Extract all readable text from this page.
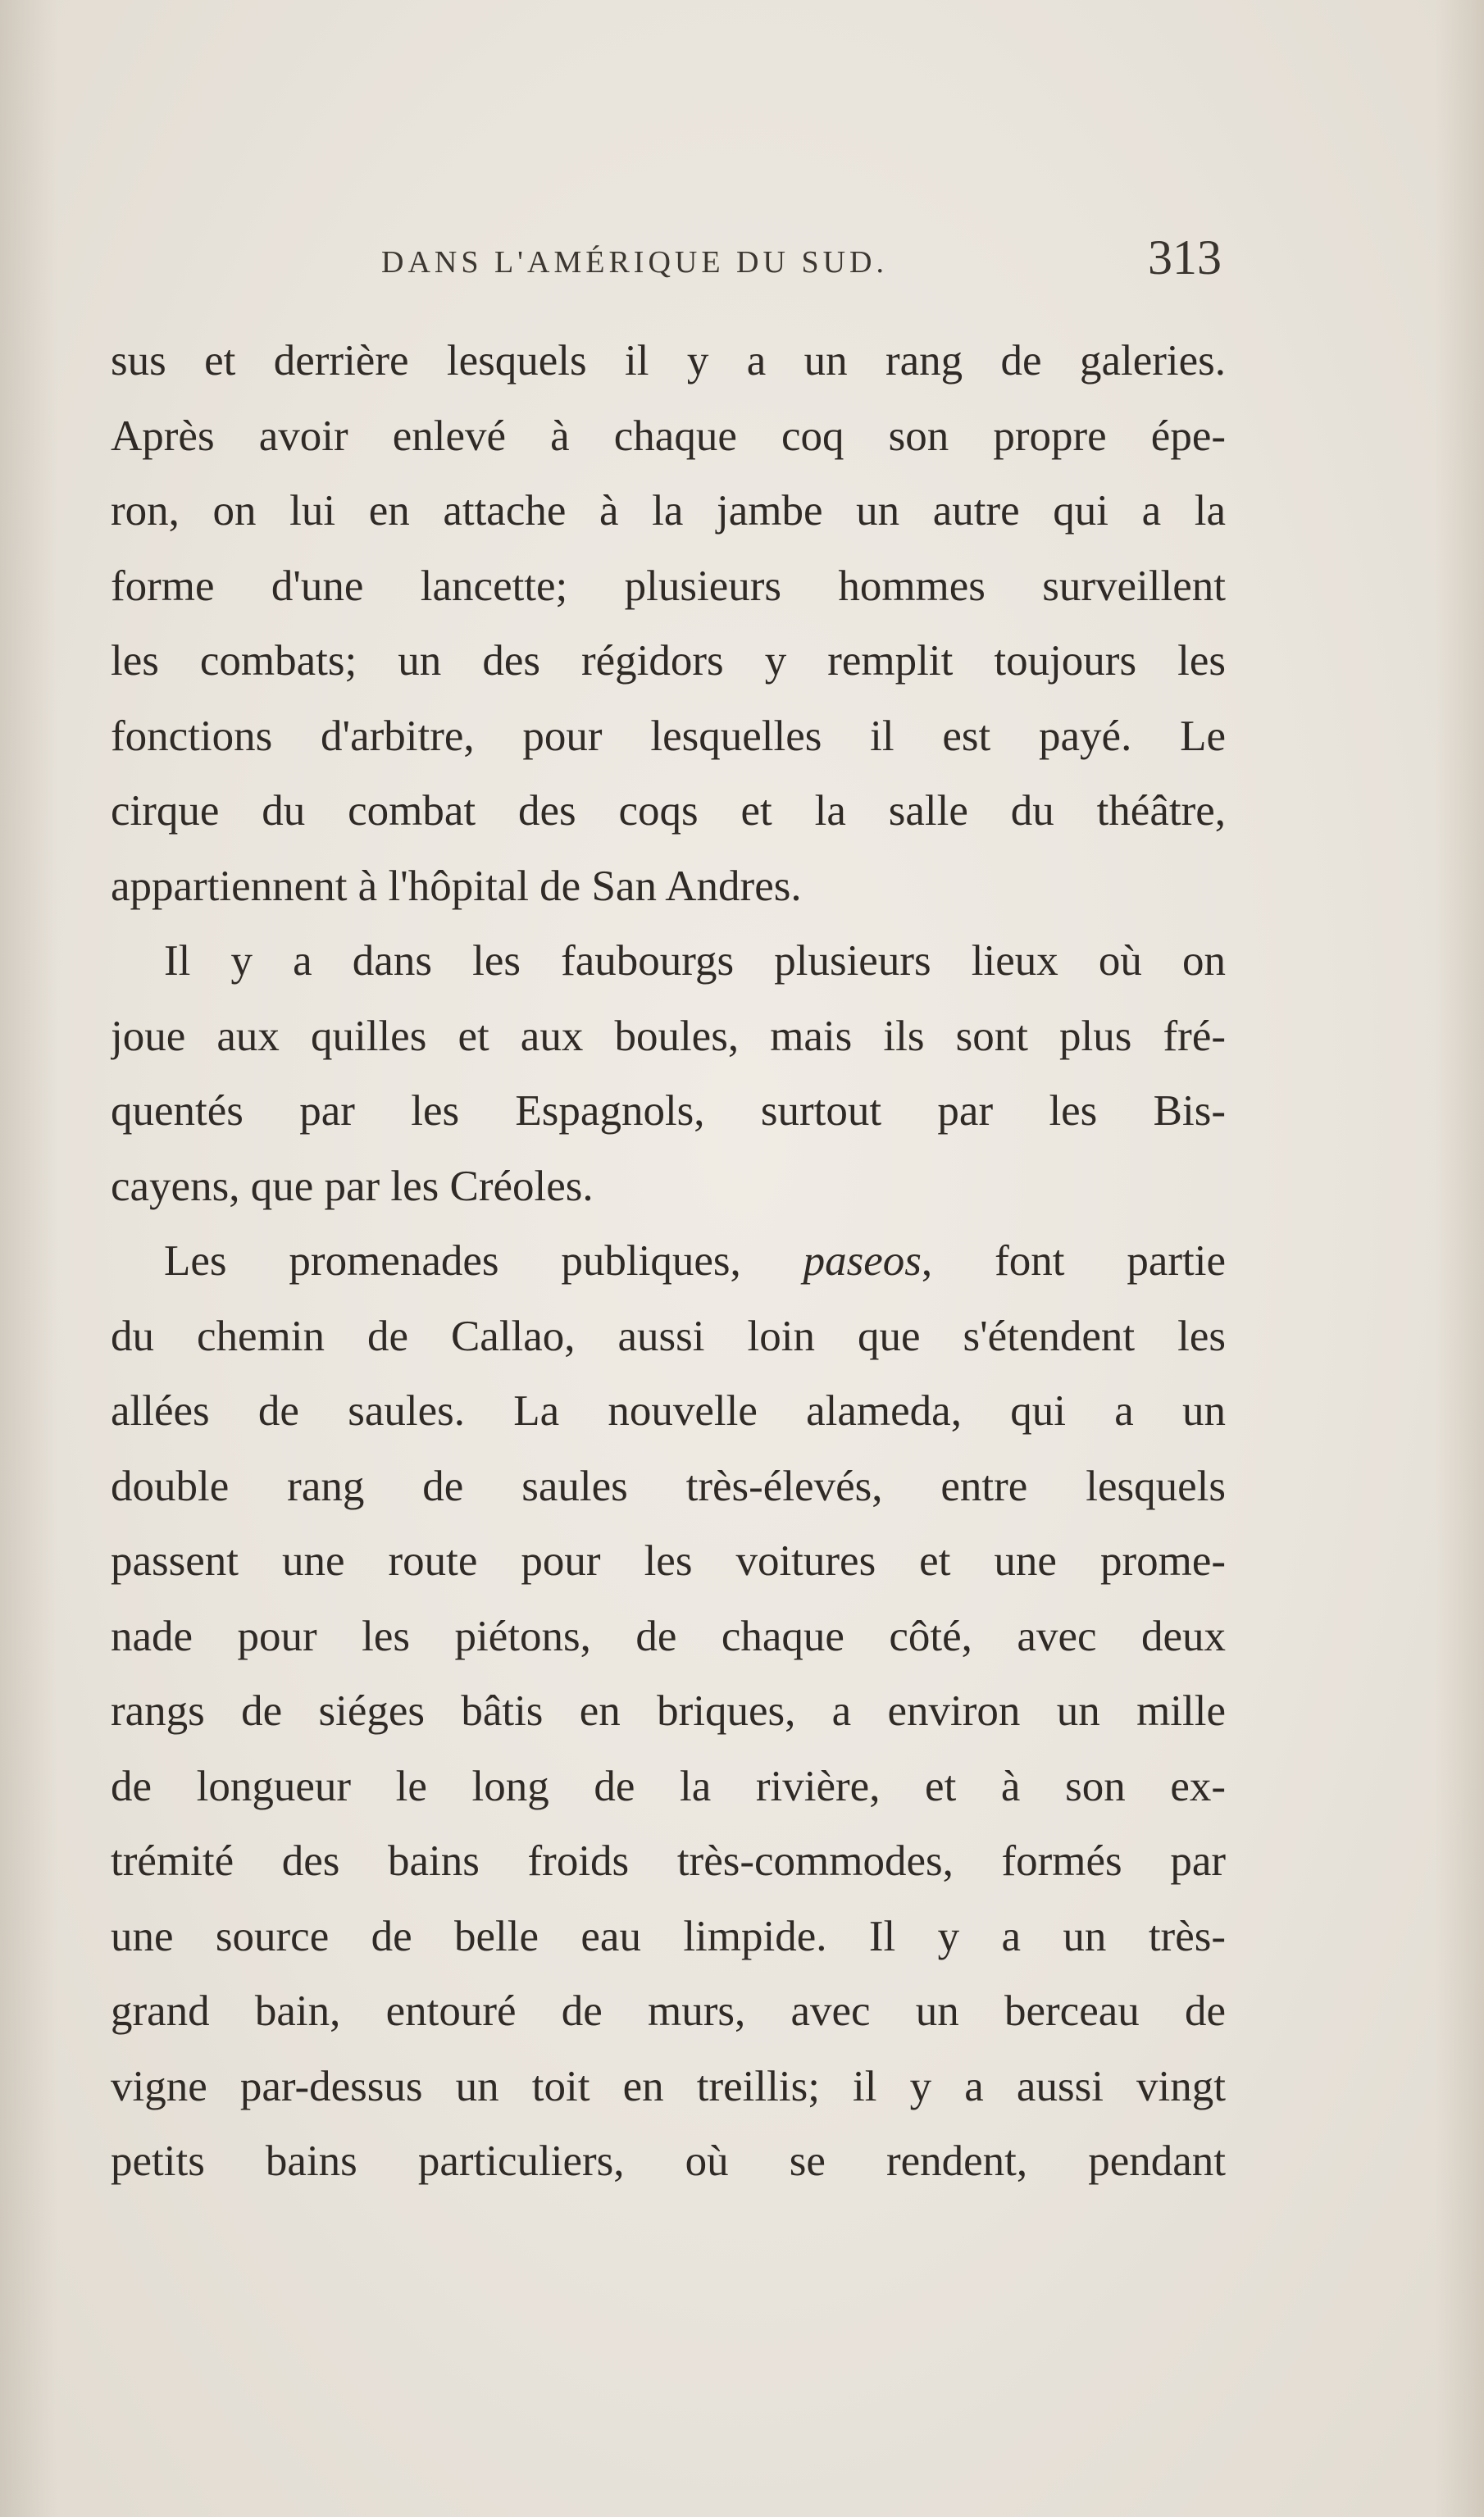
DANS L'AMÉRIQUE DU SUD.	313
sus et derrière lesquels il y a un rang de galeries.
Après avoir enlevé à chaque coq son propre épe-
ron, on lui en attache à la jambe un autre qui a la
forme d'une lancette; plusieurs hommes surveillent
les combats; un des régidors y remplit toujours les
fonctions d'arbitre, pour lesquelles il est payé. Le
cirque du combat des coqs et la salle du théâtre,
appartiennent à l'hôpital de San Andres.
Il y a dans les faubourgs plusieurs lieux où on
joue aux quilles et aux boules, mais ils sont plus fré-
quentés par les Espagnols, surtout par les Bis-
cayens, que par les Créoles.
Les promenades publiques, paseos, font partie
du chemin de Callao, aussi loin que s'étendent les
allées de saules. La nouvelle alameda, qui a un
double rang de saules très-élevés, entre lesquels
passent une route pour les voitures et une prome-
nade pour les piétons, de chaque côté, avec deux
rangs de siéges bâtis en briques, a environ un mille
de longueur le long de la rivière, et à son ex-
trémité des bains froids très-commodes, formés par
une source de belle eau limpide. Il y a un très-
grand bain, entouré de murs, avec un berceau de
vigne par-dessus un toit en treillis; il y a aussi vingt
petits bains particuliers, où se rendent, pendant
